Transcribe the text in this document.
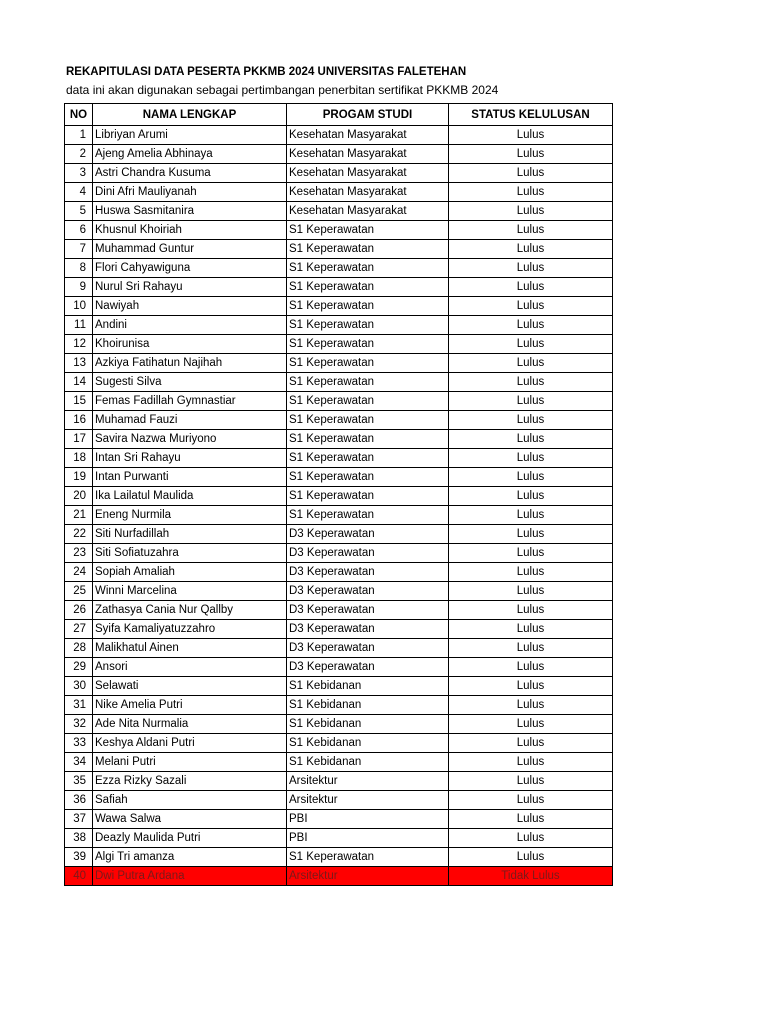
REKAPITULASI DATA PESERTA PKKMB 2024 UNIVERSITAS FALETEHAN
data ini akan digunakan sebagai pertimbangan penerbitan sertifikat PKKMB 2024
NO	NAMA LENGKAP	PROGAM STUDI	STATUS KELULUSAN
1	Libriyan Arumi	Kesehatan Masyarakat	Lulus
2	Ajeng Amelia Abhinaya	Kesehatan Masyarakat	Lulus
3	Astri Chandra Kusuma	Kesehatan Masyarakat	Lulus
4	Dini Afri Mauliyanah	Kesehatan Masyarakat	Lulus
5	Huswa Sasmitanira	Kesehatan Masyarakat	Lulus
6	Khusnul Khoiriah	S1 Keperawatan	Lulus
7	Muhammad Guntur	S1 Keperawatan	Lulus
8	Flori Cahyawiguna	S1 Keperawatan	Lulus
9	Nurul Sri Rahayu	S1 Keperawatan	Lulus
10	Nawiyah	S1 Keperawatan	Lulus
11	Andini	S1 Keperawatan	Lulus
12	Khoirunisa	S1 Keperawatan	Lulus
13	Azkiya Fatihatun Najihah	S1 Keperawatan	Lulus
14	Sugesti Silva	S1 Keperawatan	Lulus
15	Femas Fadillah Gymnastiar	S1 Keperawatan	Lulus
16	Muhamad Fauzi	S1 Keperawatan	Lulus
17	Savira Nazwa Muriyono	S1 Keperawatan	Lulus
18	Intan Sri Rahayu	S1 Keperawatan	Lulus
19	Intan Purwanti	S1 Keperawatan	Lulus
20	Ika Lailatul Maulida	S1 Keperawatan	Lulus
21	Eneng Nurmila	S1 Keperawatan	Lulus
22	Siti Nurfadillah	D3 Keperawatan	Lulus
23	Siti Sofiatuzahra	D3 Keperawatan	Lulus
24	Sopiah Amaliah	D3 Keperawatan	Lulus
25	Winni Marcelina	D3 Keperawatan	Lulus
26	Zathasya Cania Nur Qallby	D3 Keperawatan	Lulus
27	Syifa Kamaliyatuzzahro	D3 Keperawatan	Lulus
28	Malikhatul Ainen	D3 Keperawatan	Lulus
29	Ansori	D3 Keperawatan	Lulus
30	Selawati	S1 Kebidanan	Lulus
31	Nike Amelia Putri	S1 Kebidanan	Lulus
32	Ade Nita Nurmalia	S1 Kebidanan	Lulus
33	Keshya Aldani Putri	S1 Kebidanan	Lulus
34	Melani Putri	S1 Kebidanan	Lulus
35	Ezza Rizky Sazali	Arsitektur	Lulus
36	Safiah	Arsitektur	Lulus
37	Wawa Salwa	PBI	Lulus
38	Deazly Maulida Putri	PBI	Lulus
39	Algi Tri amanza	S1 Keperawatan	Lulus
40	Dwi Putra Ardana	Arsitektur	Tidak Lulus
